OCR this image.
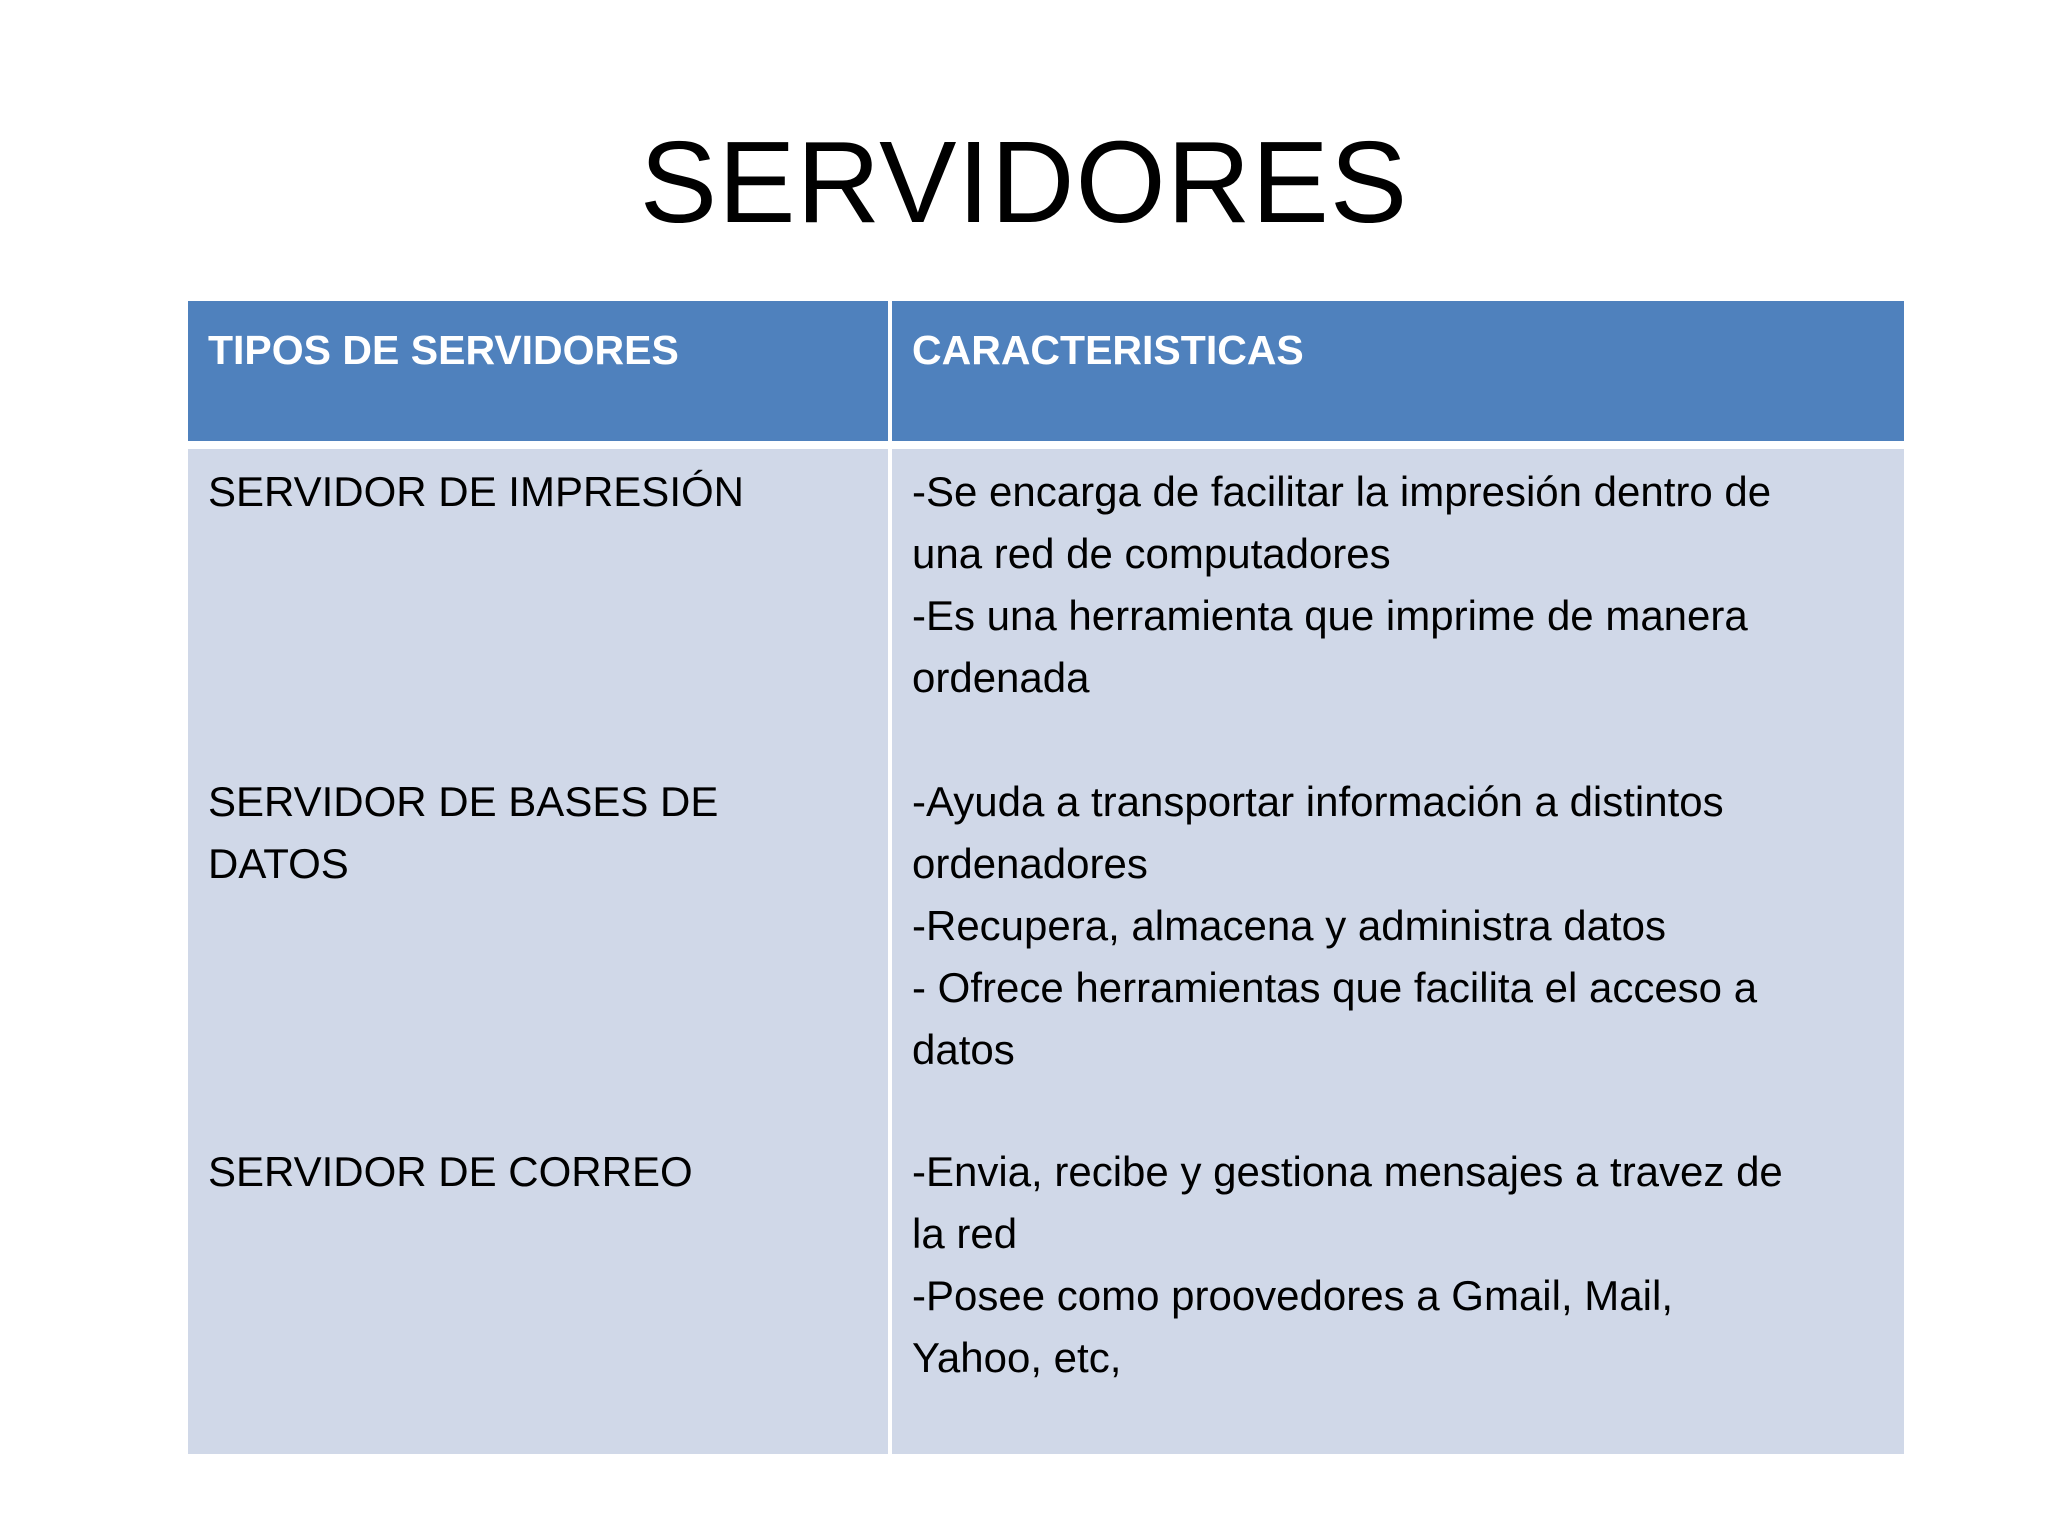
SERVIDORES
TIPOS DE SERVIDORES	CARACTERISTICAS
SERVIDOR DE IMPRESIÓN
SERVIDOR DE BASES DE DATOS
SERVIDOR DE CORREO
-Se encarga de facilitar la impresión dentro de
una red de computadores
-Es una herramienta que imprime de manera
ordenada
-Ayuda a transportar información a distintos
ordenadores
-Recupera, almacena y administra datos
- Ofrece herramientas que facilita el acceso a
datos
-Envia, recibe y gestiona mensajes a travez de
la red
-Posee como proovedores a Gmail, Mail,
Yahoo, etc,
